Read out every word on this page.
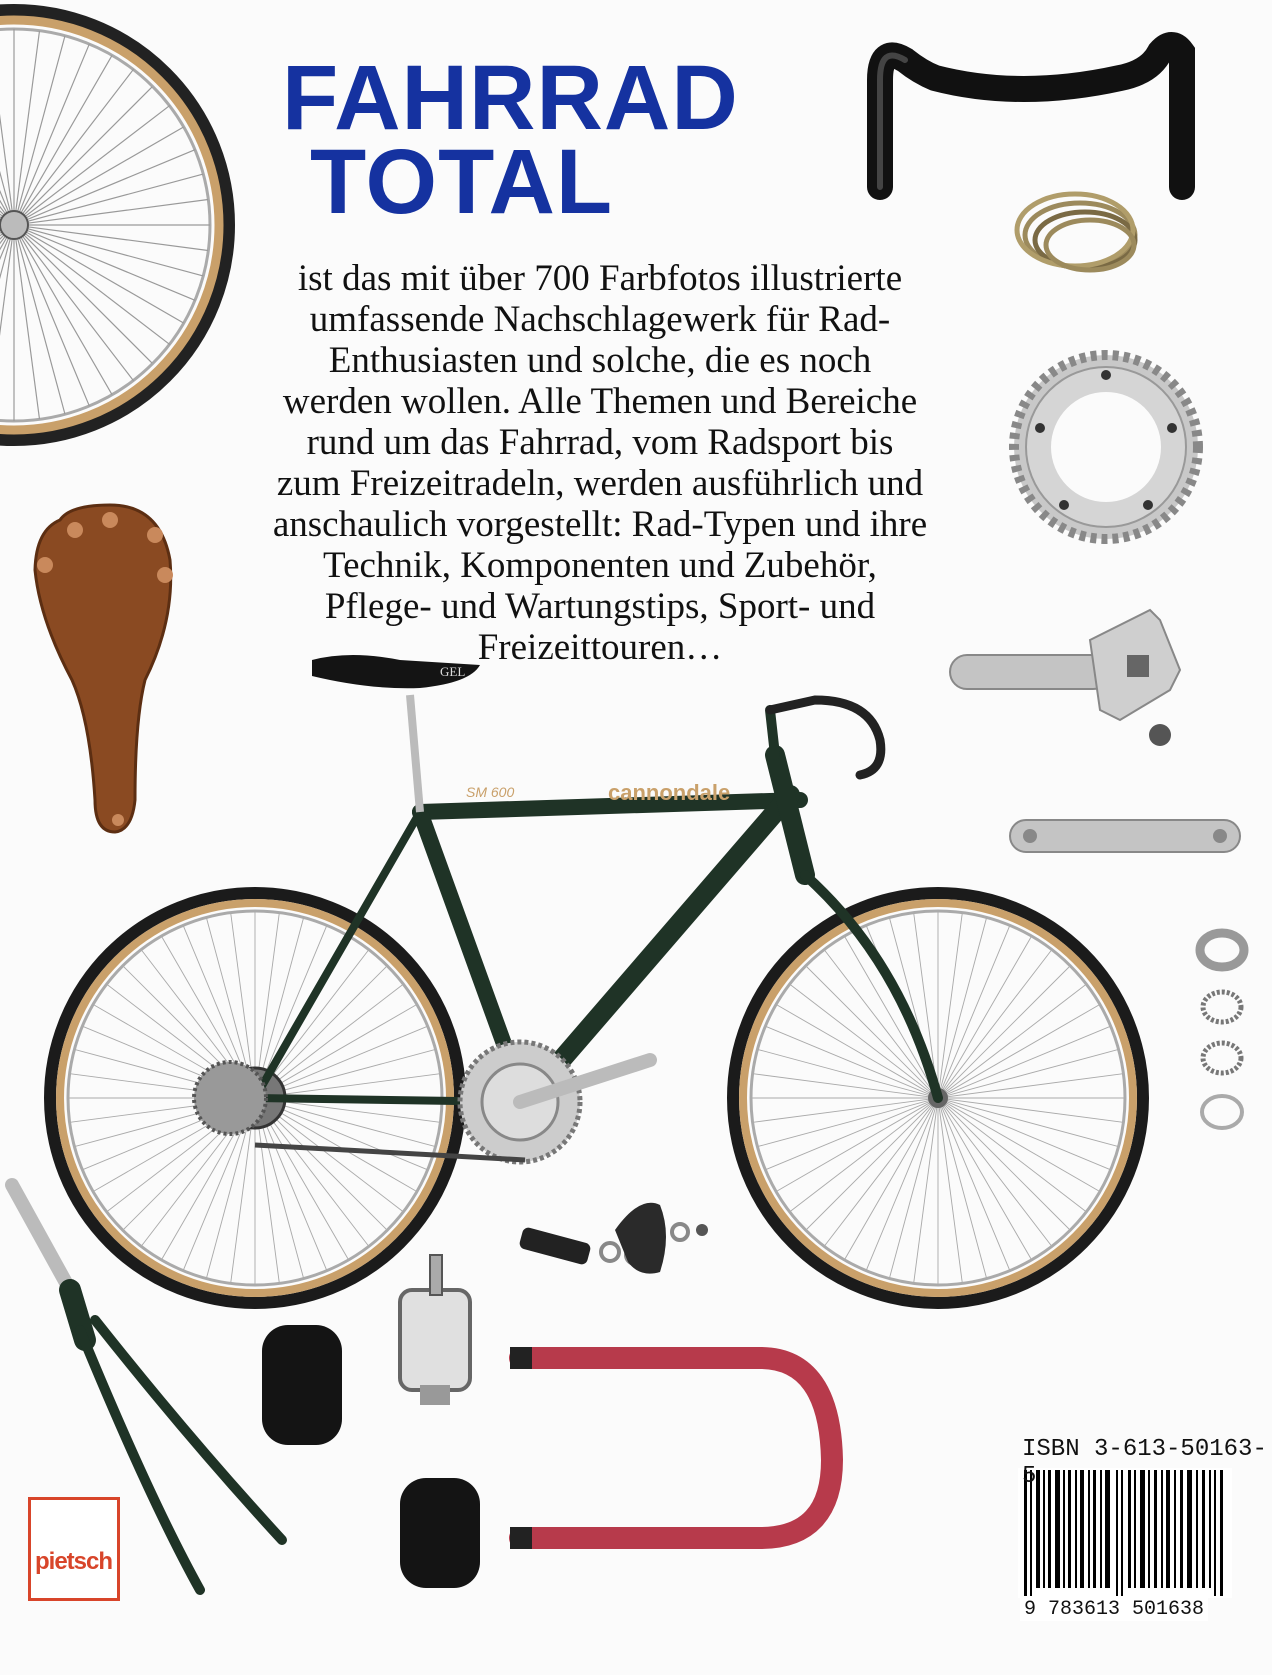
FAHRRAD
TOTAL

ist das mit über 700 Farbfotos illustrierte

umfassende Nachschlagewerk für Rad-

Enthusiasten und solche, die es noch

werden wollen. Alle Themen und Bereiche

rund um das Fahrrad, vom Radsport bis

zum Freizeitradeln, werden ausführlich und

anschaulich vorgestellt: Rad-Typen und ihre

Technik, Komponenten und Zubehör,

Pflege- und Wartungstips, Sport- und

Freizeittouren…

ISBN 3-613-50163-5

9 783613 501638

pietsch

cannondale
SM 600
GEL
